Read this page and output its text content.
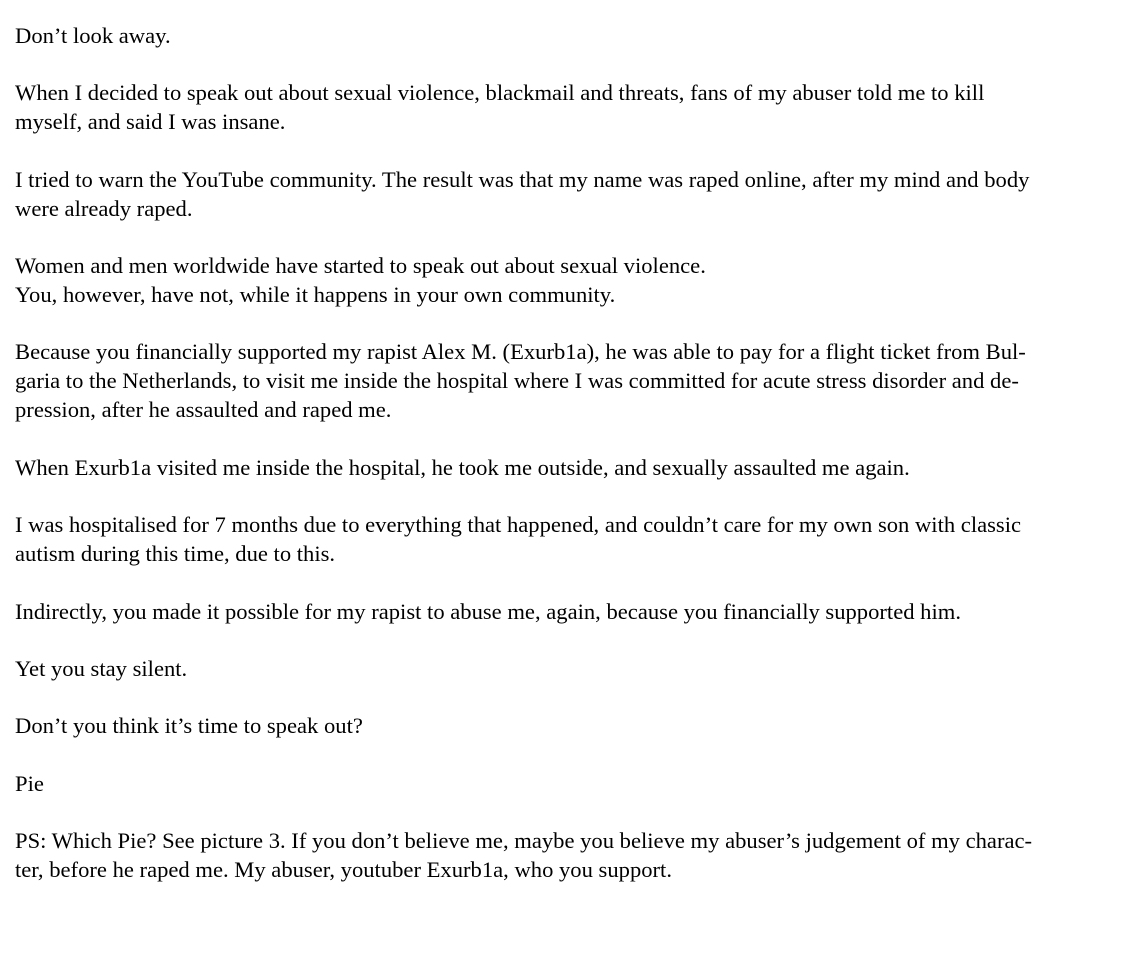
Don’t look away.

When I decided to speak out about sexual violence, blackmail and threats, fans of my abuser told me to kill
myself, and said I was insane.

I tried to warn the YouTube community. The result was that my name was raped online, after my mind and body
were already raped.

Women and men worldwide have started to speak out about sexual violence.
You, however, have not, while it happens in your own community.

Because you financially supported my rapist Alex M. (Exurb1a), he was able to pay for a flight ticket from Bul-
garia to the Netherlands, to visit me inside the hospital where I was committed for acute stress disorder and de-
pression, after he assaulted and raped me.

When Exurb1a visited me inside the hospital, he took me outside, and sexually assaulted me again.

I was hospitalised for 7 months due to everything that happened, and couldn’t care for my own son with classic
autism during this time, due to this.

Indirectly, you made it possible for my rapist to abuse me, again, because you financially supported him.

Yet you stay silent.

Don’t you think it’s time to speak out?

Pie

PS: Which Pie? See picture 3. If you don’t believe me, maybe you believe my abuser’s judgement of my charac-
ter, before he raped me. My abuser, youtuber Exurb1a, who you support.
